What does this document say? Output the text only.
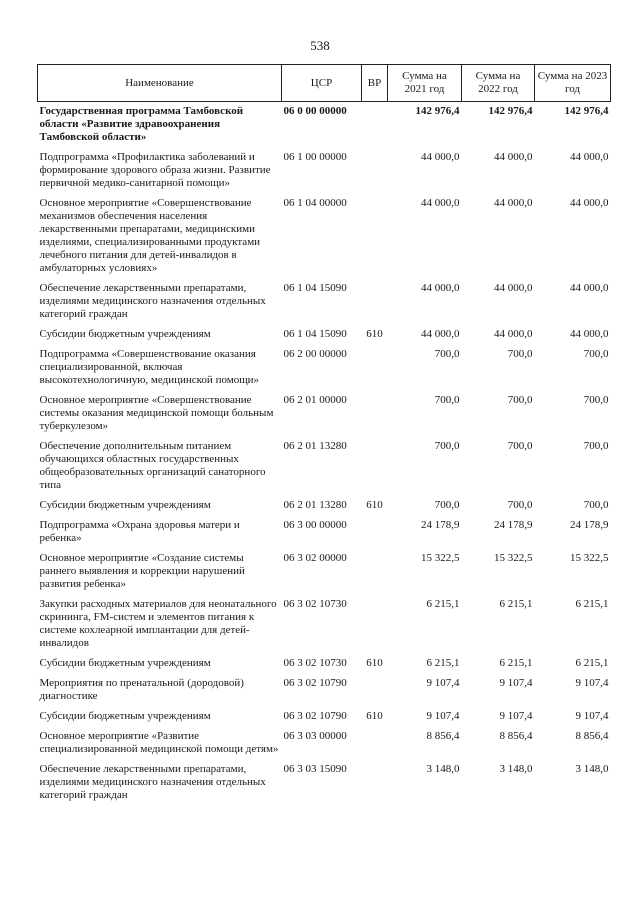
538
Наименование	ЦСР	ВР	Сумма на 2021 год	Сумма на 2022 год	Сумма на 2023 год
Государственная программа Тамбовской области «Развитие здравоохранения Тамбовской области»	06 0 00 00000		142 976,4	142 976,4	142 976,4
Подпрограмма «Профилактика заболеваний и формирование здорового образа жизни. Развитие первичной медико-санитарной помощи»	06 1 00 00000		44 000,0	44 000,0	44 000,0
Основное мероприятие «Совершенствование механизмов обеспечения населения лекарственными препаратами, медицинскими изделиями, специализированными продуктами лечебного питания для детей-инвалидов в амбулаторных условиях»	06 1 04 00000		44 000,0	44 000,0	44 000,0
Обеспечение лекарственными препаратами, изделиями медицинского назначения отдельных категорий граждан	06 1 04 15090		44 000,0	44 000,0	44 000,0
Субсидии бюджетным учреждениям	06 1 04 15090	610	44 000,0	44 000,0	44 000,0
Подпрограмма «Совершенствование оказания специализированной, включая высокотехнологичную, медицинской помощи»	06 2 00 00000		700,0	700,0	700,0
Основное мероприятие «Совершенствование системы оказания медицинской помощи больным туберкулезом»	06 2 01 00000		700,0	700,0	700,0
Обеспечение дополнительным питанием обучающихся областных государственных общеобразовательных организаций санаторного типа	06 2 01 13280		700,0	700,0	700,0
Субсидии бюджетным учреждениям	06 2 01 13280	610	700,0	700,0	700,0
Подпрограмма «Охрана здоровья матери и ребенка»	06 3 00 00000		24 178,9	24 178,9	24 178,9
Основное мероприятие «Создание системы раннего выявления и коррекции нарушений развития ребенка»	06 3 02 00000		15 322,5	15 322,5	15 322,5
Закупки расходных материалов для неонатального скрининга, FM-систем и элементов питания к системе кохлеарной имплантации для детей-инвалидов	06 3 02 10730		6 215,1	6 215,1	6 215,1
Субсидии бюджетным учреждениям	06 3 02 10730	610	6 215,1	6 215,1	6 215,1
Мероприятия по пренатальной (дородовой) диагностике	06 3 02 10790		9 107,4	9 107,4	9 107,4
Субсидии бюджетным учреждениям	06 3 02 10790	610	9 107,4	9 107,4	9 107,4
Основное мероприятие «Развитие специализированной медицинской помощи детям»	06 3 03 00000		8 856,4	8 856,4	8 856,4
Обеспечение лекарственными препаратами, изделиями медицинского назначения отдельных категорий граждан	06 3 03 15090		3 148,0	3 148,0	3 148,0
